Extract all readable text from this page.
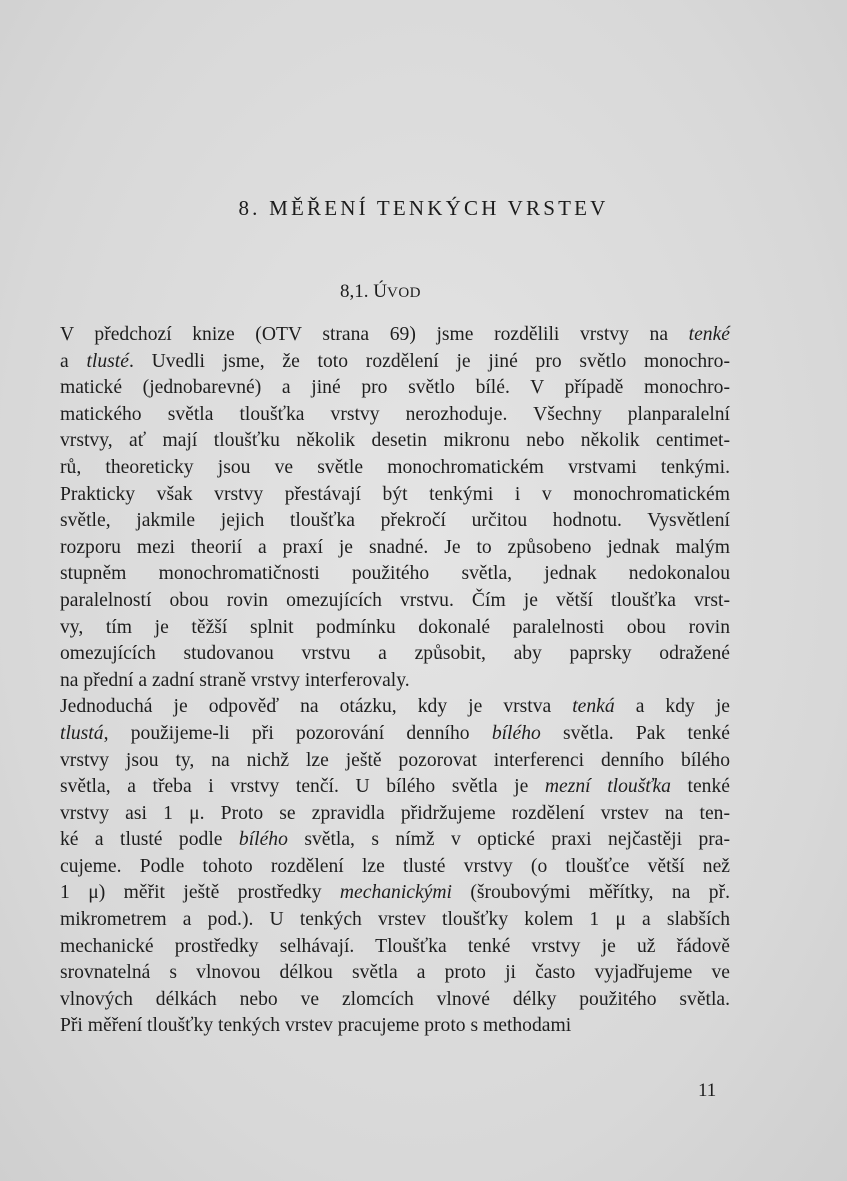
8. MĚŘENÍ TENKÝCH VRSTEV
8,1. ÚVOD
V předchozí knize (OTV strana 69) jsme rozdělili vrstvy na tenké
a tlusté. Uvedli jsme, že toto rozdělení je jiné pro světlo monochro-
matické (jednobarevné) a jiné pro světlo bílé. V případě monochro-
matického světla tloušťka vrstvy nerozhoduje. Všechny planparalelní
vrstvy, ať mají tloušťku několik desetin mikronu nebo několik centimet-
rů, theoreticky jsou ve světle monochromatickém vrstvami tenkými.
Prakticky však vrstvy přestávají být tenkými i v monochromatickém
světle, jakmile jejich tloušťka překročí určitou hodnotu. Vysvětlení
rozporu mezi theorií a praxí je snadné. Je to způsobeno jednak malým
stupněm monochromatičnosti použitého světla, jednak nedokonalou
paralelností obou rovin omezujících vrstvu. Čím je větší tloušťka vrst-
vy, tím je těžší splnit podmínku dokonalé paralelnosti obou rovin
omezujících studovanou vrstvu a způsobit, aby paprsky odražené
na přední a zadní straně vrstvy interferovaly.
Jednoduchá je odpověď na otázku, kdy je vrstva tenká a kdy je
tlustá, použijeme-li při pozorování denního bílého světla. Pak tenké
vrstvy jsou ty, na nichž lze ještě pozorovat interferenci denního bílého
světla, a třeba i vrstvy tenčí. U bílého světla je mezní tloušťka tenké
vrstvy asi 1 μ. Proto se zpravidla přidržujeme rozdělení vrstev na ten-
ké a tlusté podle bílého světla, s nímž v optické praxi nejčastěji pra-
cujeme. Podle tohoto rozdělení lze tlusté vrstvy (o tloušťce větší než
1 μ) měřit ještě prostředky mechanickými (šroubovými měřítky, na př.
mikrometrem a pod.). U tenkých vrstev tloušťky kolem 1 μ a slabších
mechanické prostředky selhávají. Tloušťka tenké vrstvy je už řádově
srovnatelná s vlnovou délkou světla a proto ji často vyjadřujeme ve
vlnových délkách nebo ve zlomcích vlnové délky použitého světla.
Při měření tloušťky tenkých vrstev pracujeme proto s methodami
11
